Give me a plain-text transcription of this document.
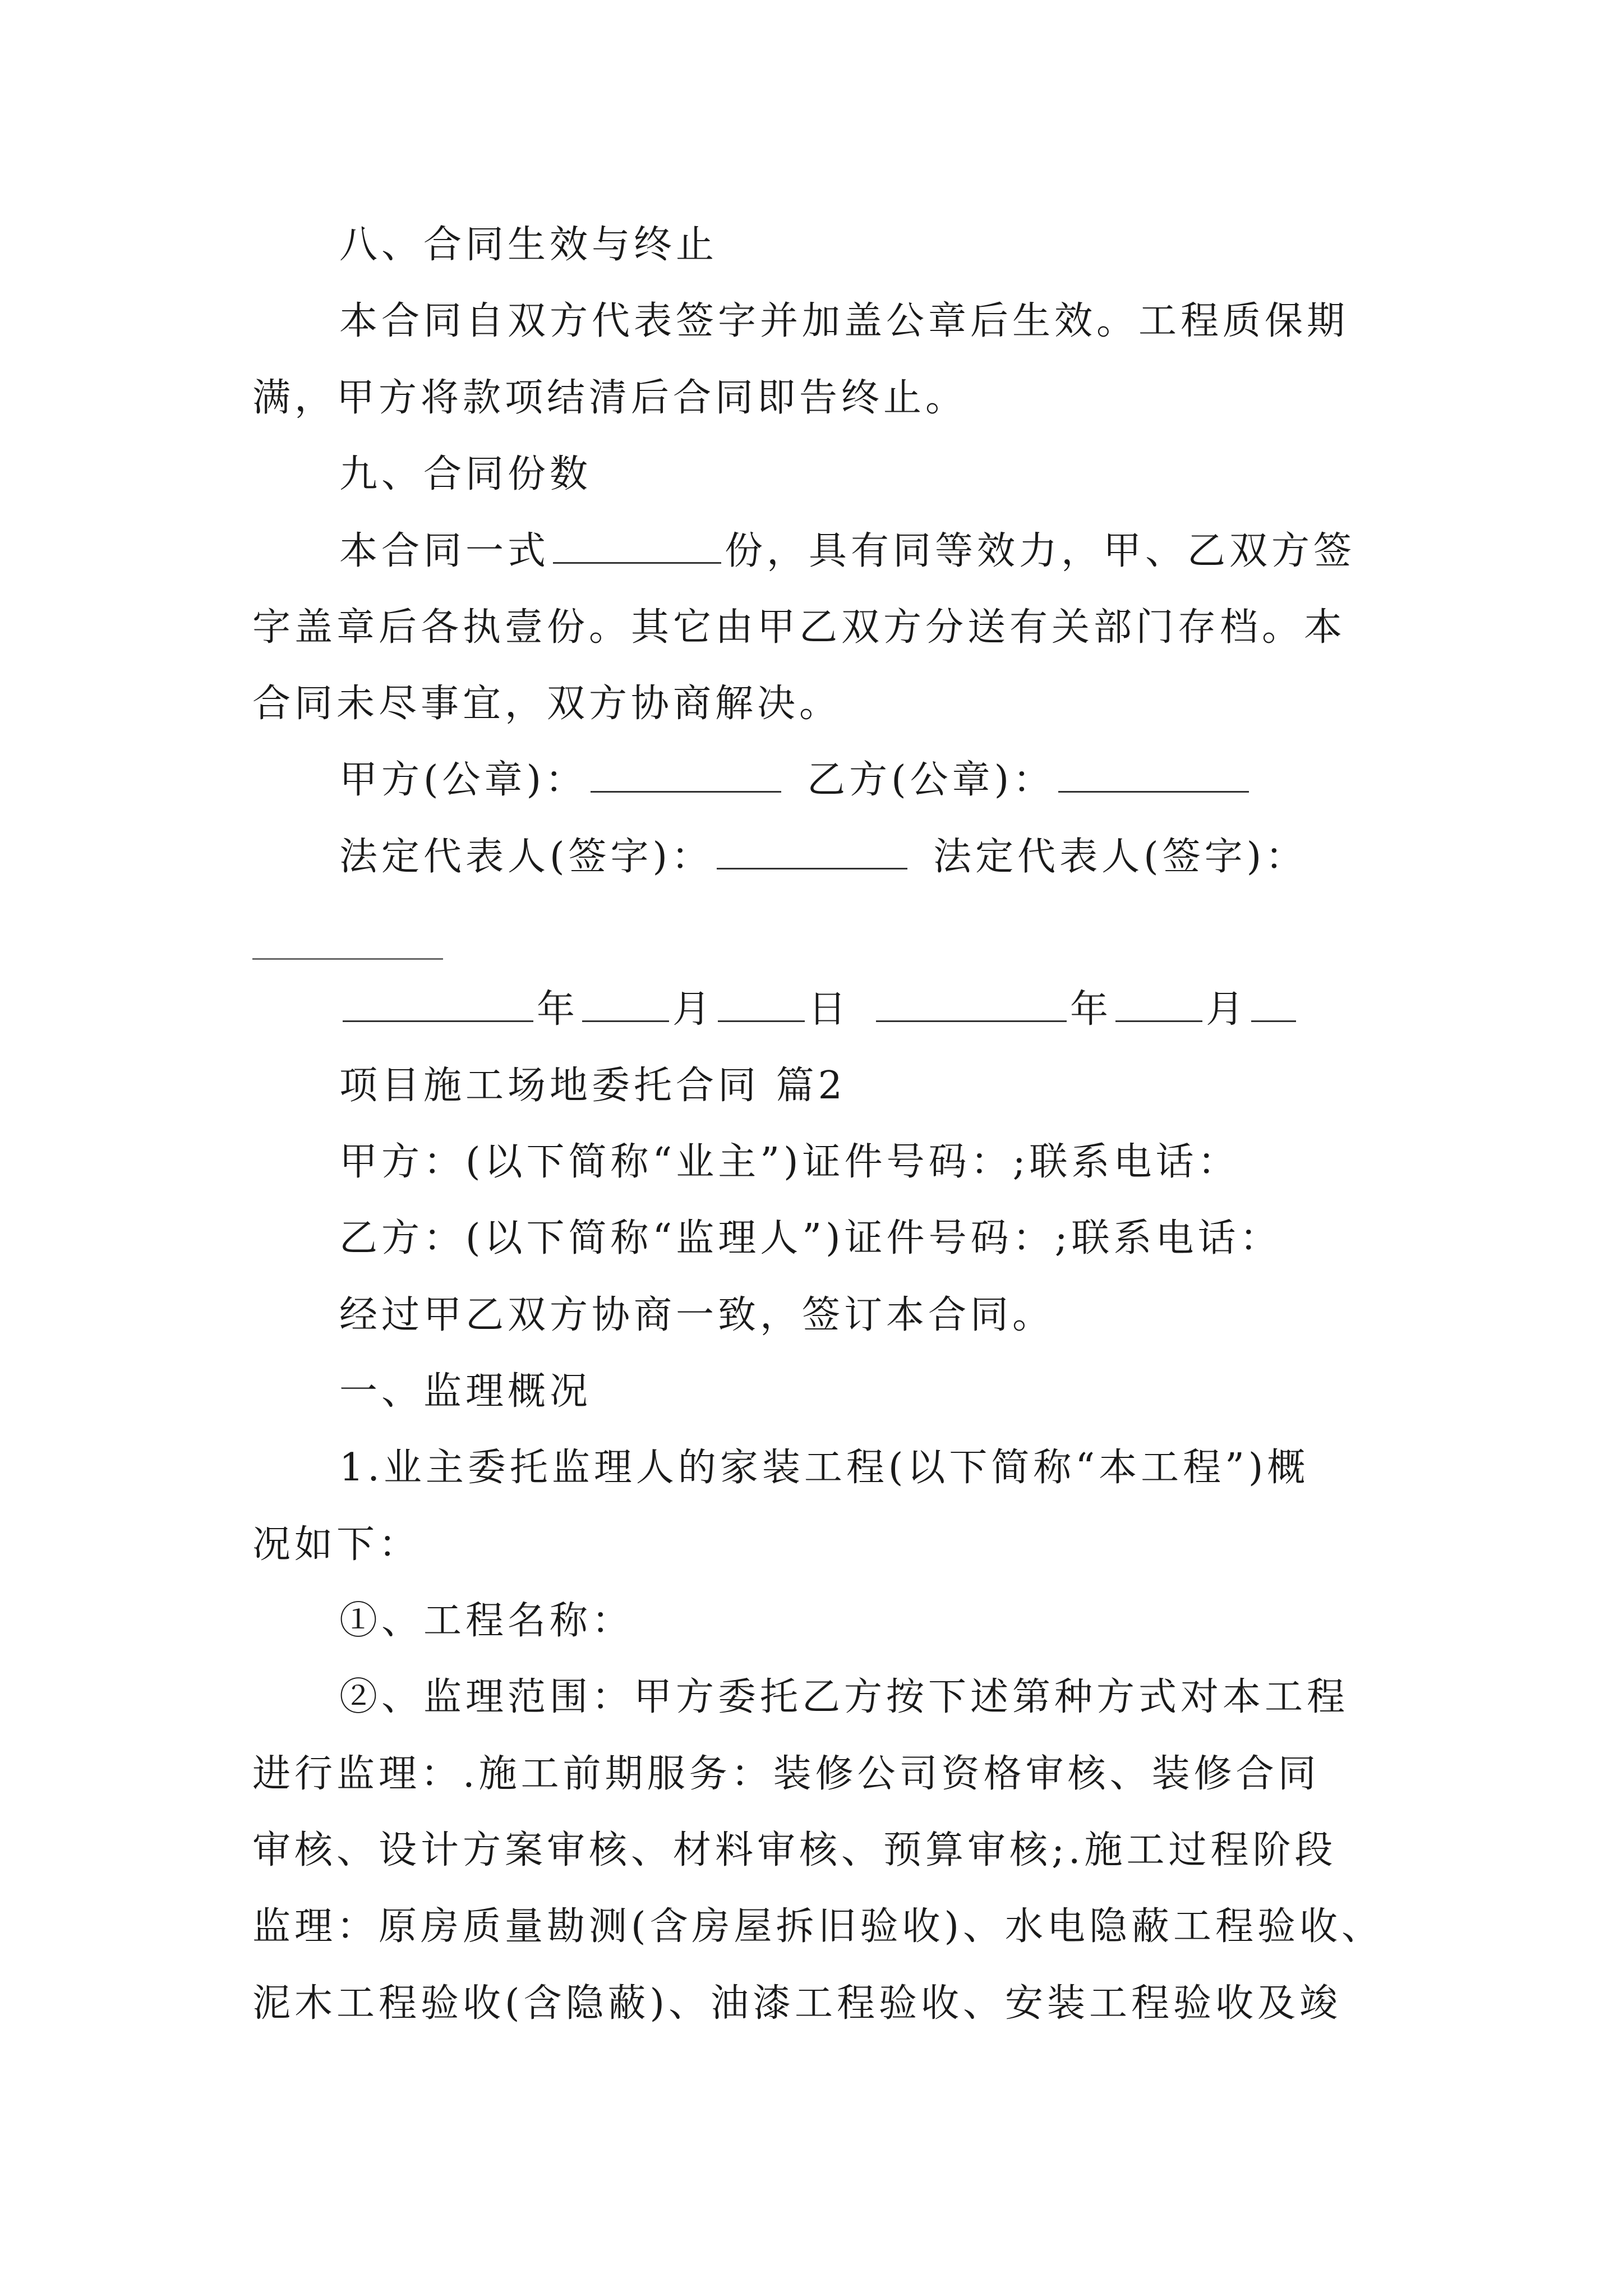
八、合同生效与终止
本合同自双方代表签字并加盖公章后生效。工程质保期
满，甲方将款项结清后合同即告终止。
九、合同份数
本合同一式	份，具有同等效力，甲、乙双方签
字盖章后各执壹份。其它由甲乙双方分送有关部门存档。本
合同未尽事宜，双方协商解决。
甲方(公章)：	乙方(公章)：
法定代表人(签字)：	法定代表人(签字)：
年 月 日	年 月
项目施工场地委托合同 篇2
甲方：(以下简称“业主”)证件号码：;联系电话：
乙方：(以下简称“监理人”)证件号码：;联系电话：
经过甲乙双方协商一致，签订本合同。
一、监理概况
1.业主委托监理人的家装工程(以下简称“本工程”)概
况如下：
①、工程名称：
②、监理范围：甲方委托乙方按下述第种方式对本工程
进行监理：.施工前期服务：装修公司资格审核、装修合同
审核、设计方案审核、材料审核、预算审核;.施工过程阶段
监理：原房质量勘测(含房屋拆旧验收)、水电隐蔽工程验收、
泥木工程验收(含隐蔽)、油漆工程验收、安装工程验收及竣
